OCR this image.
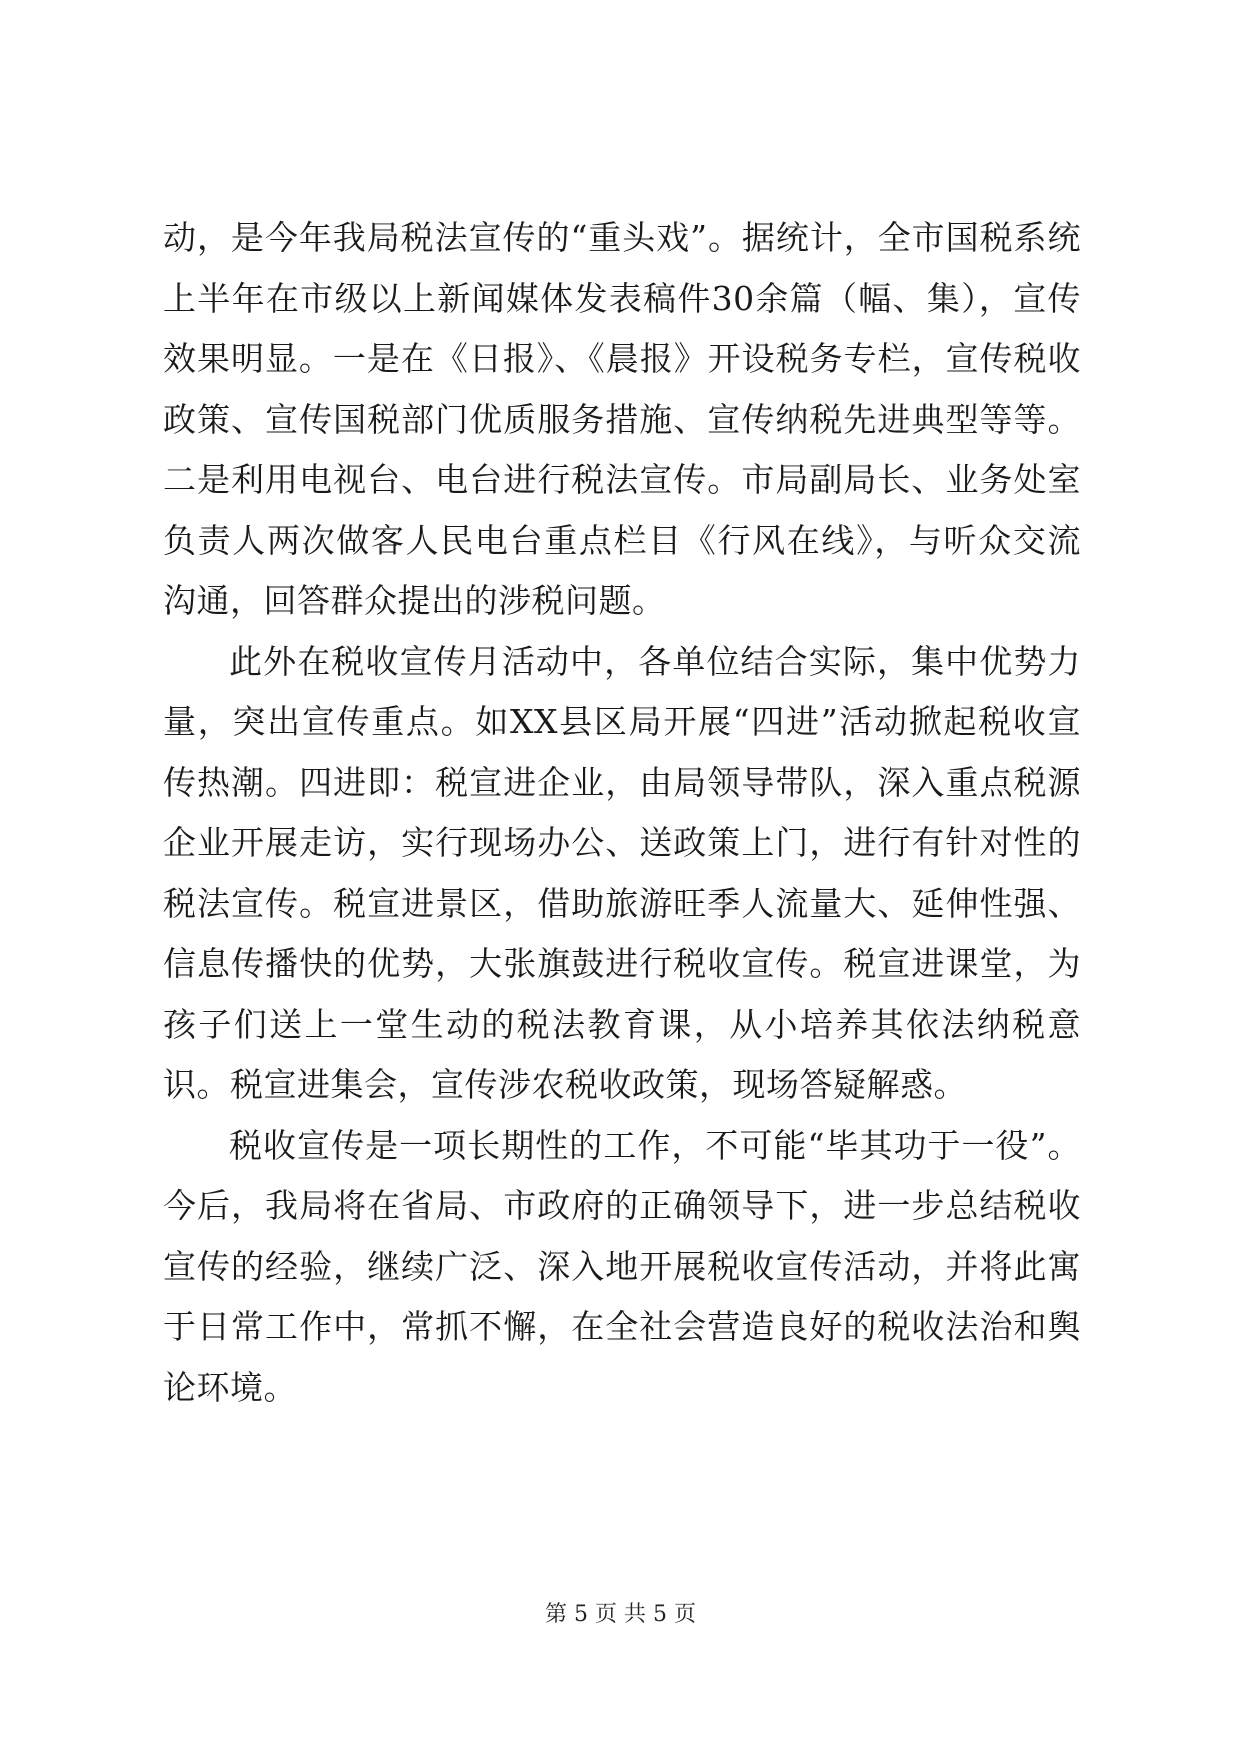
动，是今年我局税法宣传的“重头戏”。据统计，全市国税系统上半年在市级以上新闻媒体发表稿件30余篇（幅、集），宣传效果明显。一是在《日报》、《晨报》开设税务专栏，宣传税收政策、宣传国税部门优质服务措施、宣传纳税先进典型等等。二是利用电视台、电台进行税法宣传。市局副局长、业务处室负责人两次做客人民电台重点栏目《行风在线》，与听众交流沟通，回答群众提出的涉税问题。

此外在税收宣传月活动中，各单位结合实际，集中优势力量，突出宣传重点。如XX县区局开展“四进”活动掀起税收宣传热潮。四进即：税宣进企业，由局领导带队，深入重点税源企业开展走访，实行现场办公、送政策上门，进行有针对性的税法宣传。税宣进景区，借助旅游旺季人流量大、延伸性强、信息传播快的优势，大张旗鼓进行税收宣传。税宣进课堂，为孩子们送上一堂生动的税法教育课，从小培养其依法纳税意识。税宣进集会，宣传涉农税收政策，现场答疑解惑。

税收宣传是一项长期性的工作，不可能“毕其功于一役”。今后，我局将在省局、市政府的正确领导下，进一步总结税收宣传的经验，继续广泛、深入地开展税收宣传活动，并将此寓于日常工作中，常抓不懈，在全社会营造良好的税收法治和舆论环境。

第 5 页 共 5 页
